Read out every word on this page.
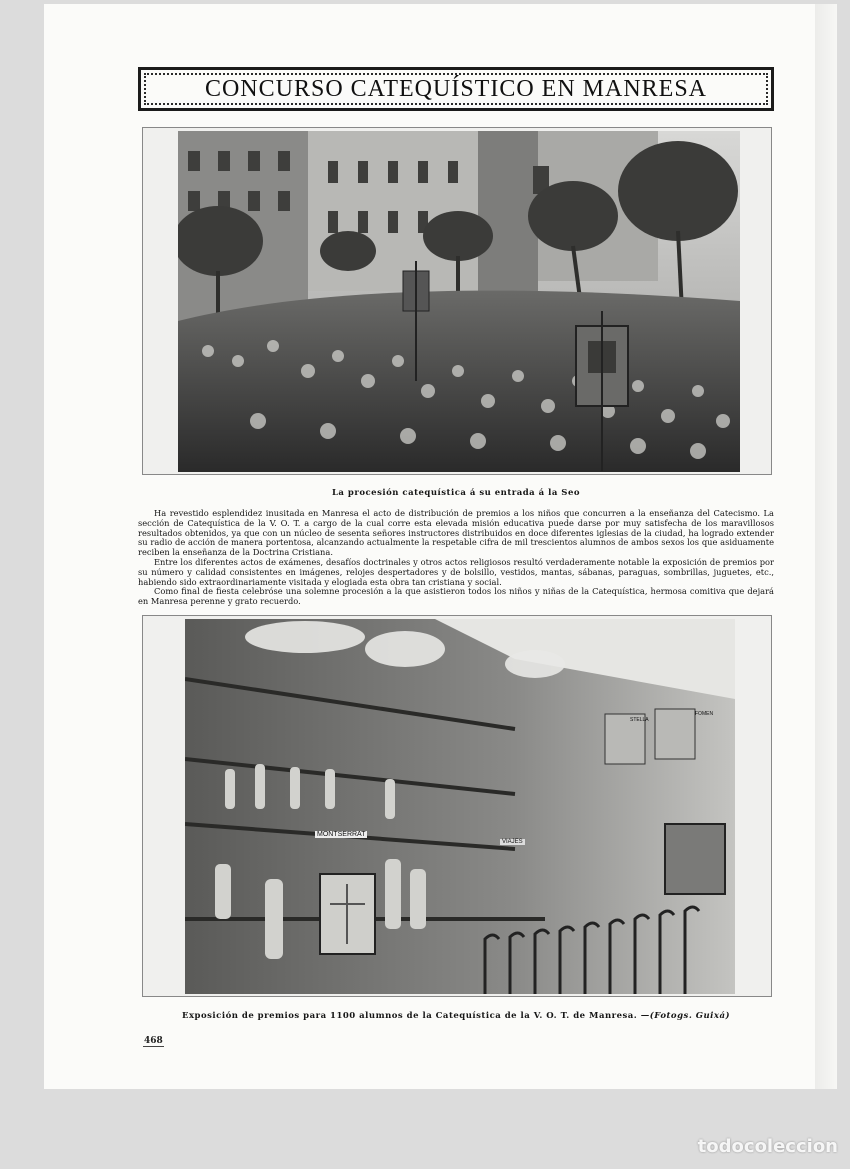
CONCURSO CATEQUÍSTICO EN MANRESA
La procesión catequística á su entrada á la Seo

Ha revestido esplendidez inusitada en Manresa el acto de distribución de premios a los niños que concurren a la enseñanza del Catecismo. La sección de Catequística de la V. O. T. a cargo de la cual corre esta elevada misión educativa puede darse por muy satisfecha de los maravillosos resultados obtenidos, ya que con un núcleo de sesenta señores instructores distribuidos en doce diferentes iglesias de la ciudad, ha logrado extender su radio de acción de manera portentosa, alcanzando actualmente la respetable cifra de mil trescientos alumnos de ambos sexos los que asiduamente reciben la enseñanza de la Doctrina Cristiana.

Entre los diferentes actos de exámenes, desafíos doctrinales y otros actos religiosos resultó verdaderamente notable la exposición de premios por su número y calidad consistentes en imágenes, relojes despertadores y de bolsillo, vestidos, mantas, sábanas, paraguas, sombrillas, juguetes, etc., habiendo sido extraordinariamente visitada y elogiada esta obra tan cristiana y social.

Como final de fiesta celebróse una solemne procesión a la que asistieron todos los niños y niñas de la Catequística, hermosa comitiva que dejará en Manresa perenne y grato recuerdo.

MONTSERRAT
VIAJES
STELLA
FOMEN
Exposición de premios para 1100 alumnos de la Catequística de la V. O. T. de Manresa. —(Fotogs. Guixá)
468
todocoleccion
